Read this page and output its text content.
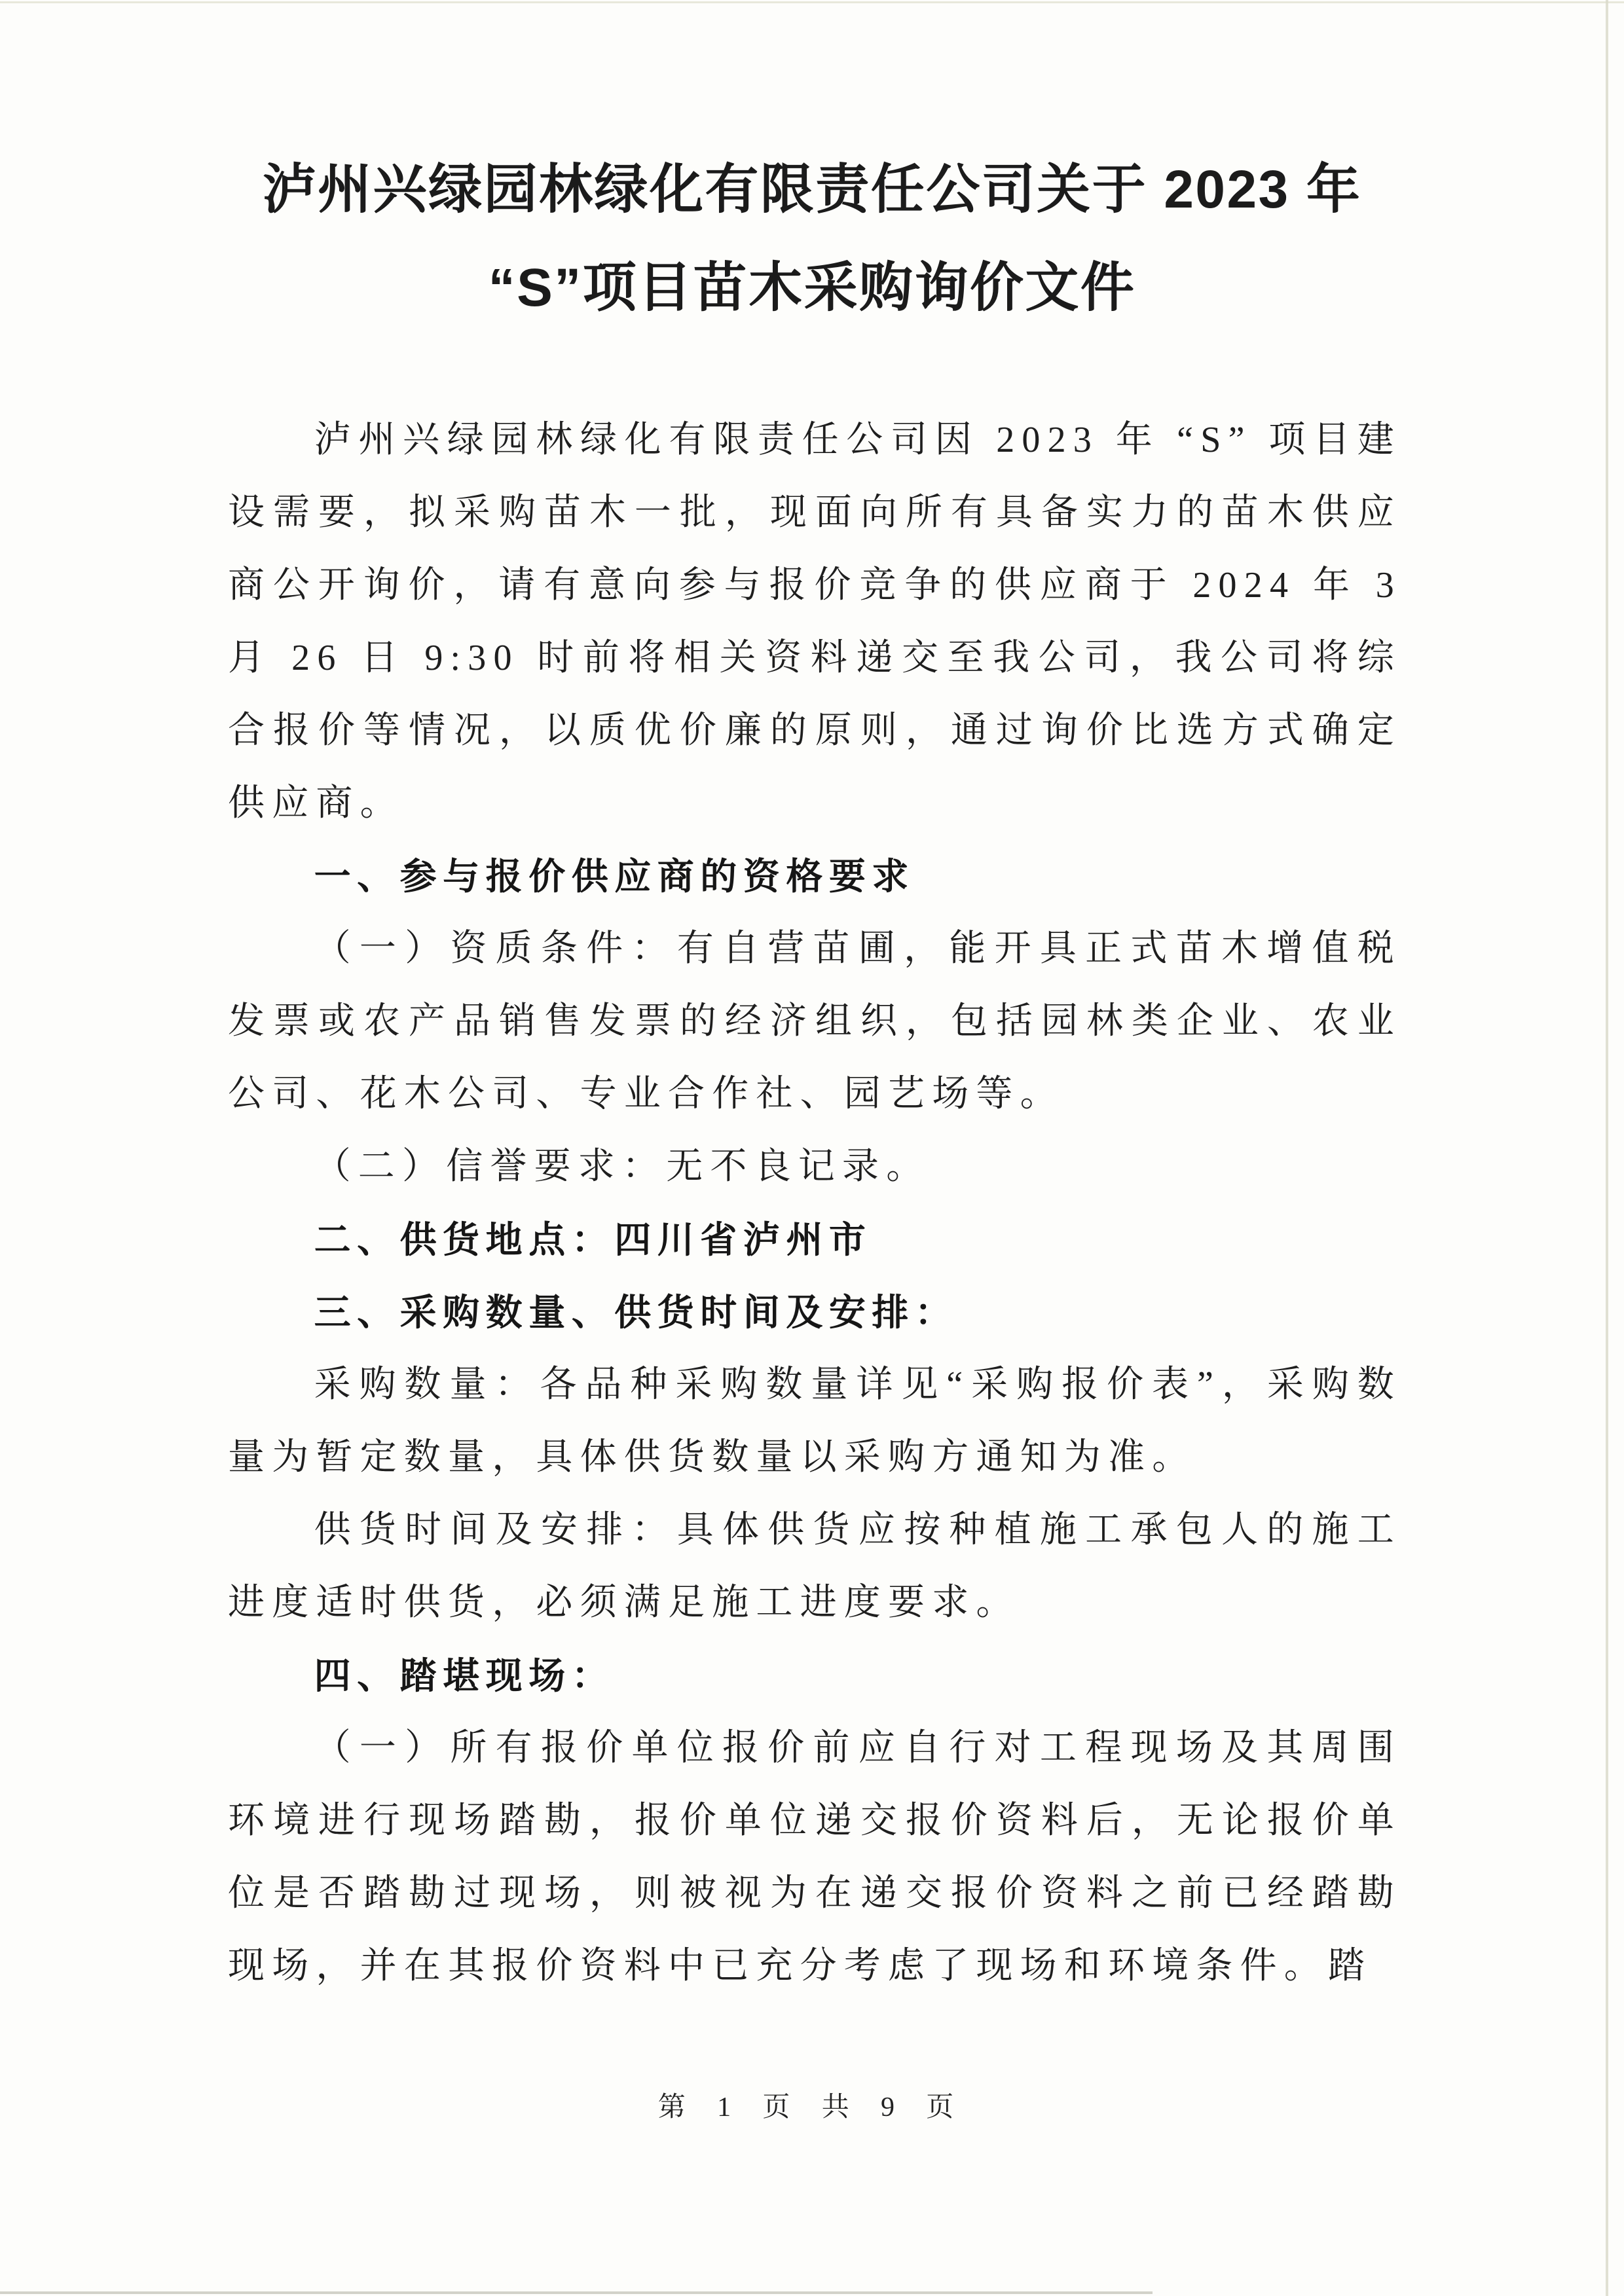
泸州兴绿园林绿化有限责任公司关于 2023 年
“S”项目苗木采购询价文件

泸州兴绿园林绿化有限责任公司因 2023 年 “S” 项目建设需要，拟采购苗木一批，现面向所有具备实力的苗木供应商公开询价，请有意向参与报价竞争的供应商于 2024 年 3 月 26 日 9:30 时前将相关资料递交至我公司，我公司将综合报价等情况，以质优价廉的原则，通过询价比选方式确定供应商。

一、参与报价供应商的资格要求

（一）资质条件：有自营苗圃，能开具正式苗木增值税发票或农产品销售发票的经济组织，包括园林类企业、农业公司、花木公司、专业合作社、园艺场等。

（二）信誉要求：无不良记录。

二、供货地点：四川省泸州市

三、采购数量、供货时间及安排：

采购数量：各品种采购数量详见“采购报价表”，采购数量为暂定数量，具体供货数量以采购方通知为准。

供货时间及安排：具体供货应按种植施工承包人的施工进度适时供货，必须满足施工进度要求。

四、踏堪现场：

（一）所有报价单位报价前应自行对工程现场及其周围环境进行现场踏勘，报价单位递交报价资料后，无论报价单位是否踏勘过现场，则被视为在递交报价资料之前已经踏勘现场，并在其报价资料中已充分考虑了现场和环境条件。踏

第 1 页 共 9 页
